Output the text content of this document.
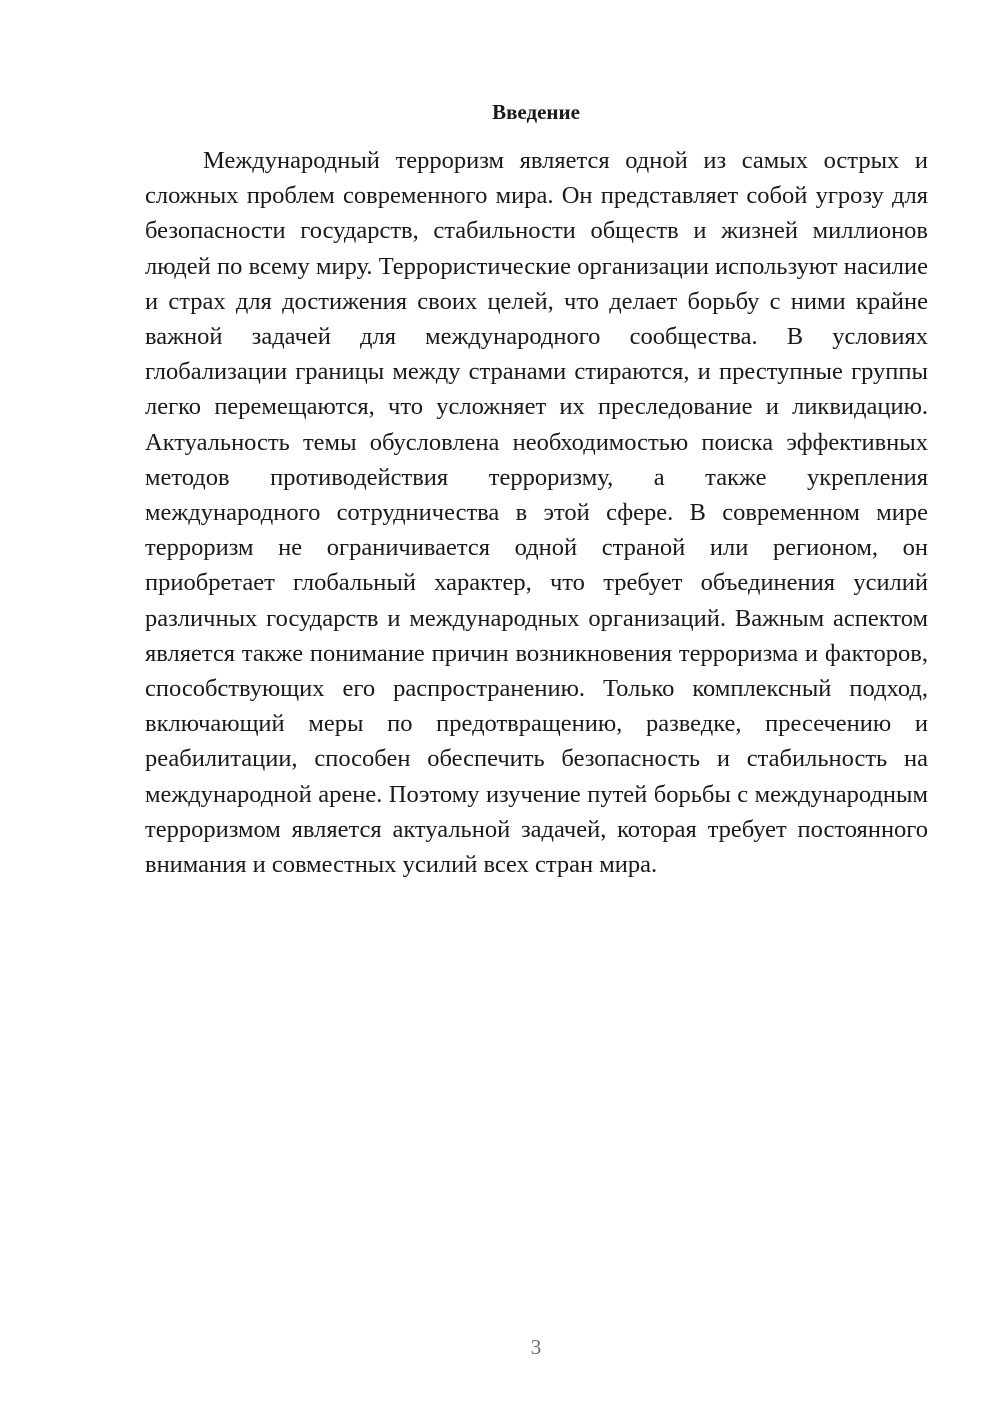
Введение

Международный терроризм является одной из самых острых и сложных проблем современного мира. Он представляет собой угрозу для безопасности государств, стабильности обществ и жизней миллионов людей по всему миру. Террористические организации используют насилие и страх для достижения своих целей, что делает борьбу с ними крайне важной задачей для международного сообщества. В условиях глобализации границы между странами стираются, и преступные группы легко перемещаются, что усложняет их преследование и ликвидацию. Актуальность темы обусловлена необходимостью поиска эффективных методов противодействия терроризму, а также укрепления международного сотрудничества в этой сфере. В современном мире терроризм не ограничивается одной страной или регионом, он приобретает глобальный характер, что требует объединения усилий различных государств и международных организаций. Важным аспектом является также понимание причин возникновения терроризма и факторов, способствующих его распространению. Только комплексный подход, включающий меры по предотвращению, разведке, пресечению и реабилитации, способен обеспечить безопасность и стабильность на международной арене. Поэтому изучение путей борьбы с международным терроризмом является актуальной задачей, которая требует постоянного внимания и совместных усилий всех стран мира.

3
